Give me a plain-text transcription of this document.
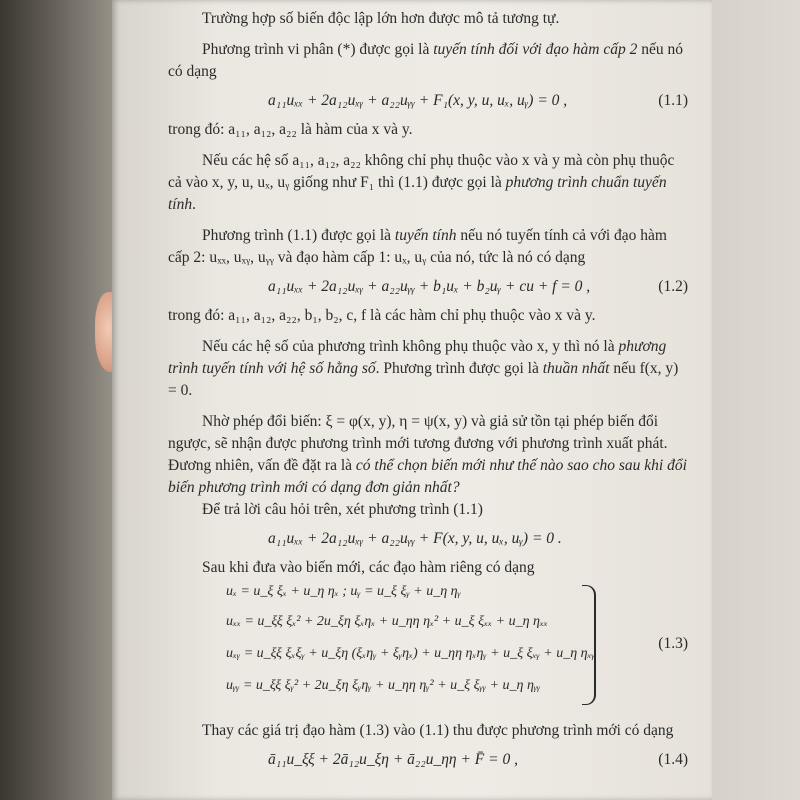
Trường hợp số biến độc lập lớn hơn được mô tả tương tự.

Phương trình vi phân (*) được gọi là tuyến tính đối với đạo hàm cấp 2 nếu nó có dạng

a₁₁uₓₓ + 2a₁₂uₓᵧ + a₂₂uᵧᵧ + F₁(x, y, u, uₓ, uᵧ) = 0 ,	(1.1)

trong đó: a₁₁, a₁₂, a₂₂ là hàm của x và y.

Nếu các hệ số a₁₁, a₁₂, a₂₂ không chỉ phụ thuộc vào x và y mà còn phụ thuộc cả vào x, y, u, uₓ, uᵧ giống như F₁ thì (1.1) được gọi là phương trình chuẩn tuyến tính.

Phương trình (1.1) được gọi là tuyến tính nếu nó tuyến tính cả với đạo hàm cấp 2: uₓₓ, uₓᵧ, uᵧᵧ và đạo hàm cấp 1: uₓ, uᵧ của nó, tức là nó có dạng

a₁₁uₓₓ + 2a₁₂uₓᵧ + a₂₂uᵧᵧ + b₁uₓ + b₂uᵧ + cu + f = 0 ,	(1.2)

trong đó: a₁₁, a₁₂, a₂₂, b₁, b₂, c, f là các hàm chỉ phụ thuộc vào x và y.

Nếu các hệ số của phương trình không phụ thuộc vào x, y thì nó là phương trình tuyến tính với hệ số hằng số. Phương trình được gọi là thuần nhất nếu f(x, y) = 0.

Nhờ phép đổi biến: ξ = φ(x, y), η = ψ(x, y) và giả sử tồn tại phép biến đổi ngược, sẽ nhận được phương trình mới tương đương với phương trình xuất phát. Đương nhiên, vấn đề đặt ra là có thể chọn biến mới như thế nào sao cho sau khi đổi biến phương trình mới có dạng đơn giản nhất?

Để trả lời câu hỏi trên, xét phương trình (1.1)

a₁₁uₓₓ + 2a₁₂uₓᵧ + a₂₂uᵧᵧ + F(x, y, u, uₓ, uᵧ) = 0 .

Sau khi đưa vào biến mới, các đạo hàm riêng có dạng

uₓ = u_ξ ξₓ + u_η ηₓ ; uᵧ = u_ξ ξᵧ + u_η ηᵧ
uₓₓ = u_ξξ ξₓ² + 2u_ξη ξₓηₓ + u_ηη ηₓ² + u_ξ ξₓₓ + u_η ηₓₓ
uₓᵧ = u_ξξ ξₓξᵧ + u_ξη (ξₓηᵧ + ξᵧηₓ) + u_ηη ηₓηᵧ + u_ξ ξₓᵧ + u_η ηₓᵧ
uᵧᵧ = u_ξξ ξᵧ² + 2u_ξη ξᵧηᵧ + u_ηη ηᵧ² + u_ξ ξᵧᵧ + u_η ηᵧᵧ
(1.3)

Thay các giá trị đạo hàm (1.3) vào (1.1) thu được phương trình mới có dạng

ā₁₁u_ξξ + 2ā₁₂u_ξη + ā₂₂u_ηη + F̄ = 0 ,	(1.4)
